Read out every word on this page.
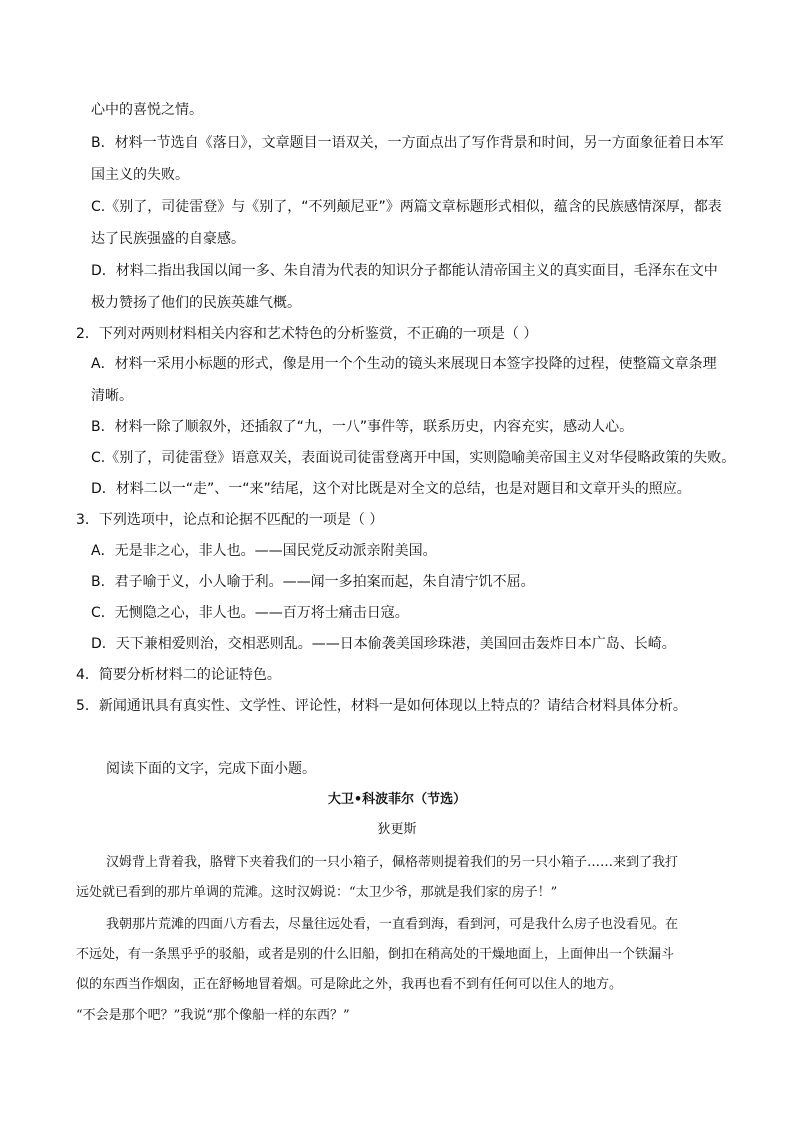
心中的喜悦之情。
B．材料一节选自《落日》，文章题目一语双关，一方面点出了写作背景和时间，另一方面象征着日本军
国主义的失败。
C.《别了，司徒雷登》与《别了，“不列颠尼亚”》两篇文章标题形式相似，蕴含的民族感情深厚，都表
达了民族强盛的自豪感。
D．材料二指出我国以闻一多、朱自清为代表的知识分子都能认清帝国主义的真实面目，毛泽东在文中
极力赞扬了他们的民族英雄气概。
2．下列对两则材料相关内容和艺术特色的分析鉴赏，不正确的一项是（ ）
A．材料一采用小标题的形式，像是用一个个生动的镜头来展现日本签字投降的过程，使整篇文章条理
清晰。
B．材料一除了顺叙外，还插叙了“九，一八”事件等，联系历史，内容充实，感动人心。
C.《别了，司徒雷登》语意双关，表面说司徒雷登离开中国，实则隐喻美帝国主义对华侵略政策的失败。
D．材料二以一“走”、一“来”结尾，这个对比既是对全文的总结，也是对题目和文章开头的照应。
3．下列选项中，论点和论据不匹配的一项是（ ）
A．无是非之心，非人也。——国民党反动派亲附美国。
B．君子喻于义，小人喻于利。——闻一多拍案而起，朱自清宁饥不屈。
C．无恻隐之心，非人也。——百万将士痛击日寇。
D．天下兼相爱则治，交相恶则乱。——日本偷袭美国珍珠港，美国回击轰炸日本广岛、长崎。
4．简要分析材料二的论证特色。
5．新闻通讯具有真实性、文学性、评论性，材料一是如何体现以上特点的？请结合材料具体分析。
阅读下面的文字，完成下面小题。
大卫•科波菲尔（节选）
狄更斯
汉姆背上背着我，胳臂下夹着我们的一只小箱子，佩格蒂则提着我们的另一只小箱子……来到了我打
远处就已看到的那片单调的荒滩。这时汉姆说：“太卫少爷，那就是我们家的房子！”
我朝那片荒滩的四面八方看去，尽量往远处看，一直看到海，看到河，可是我什么房子也没看见。在
不远处，有一条黑乎乎的驳船，或者是别的什么旧船，倒扣在稍高处的干燥地面上，上面伸出一个铁漏斗
似的东西当作烟囱，正在舒畅地冒着烟。可是除此之外，我再也看不到有任何可以住人的地方。
“不会是那个吧？”我说“那个像船一样的东西？”
